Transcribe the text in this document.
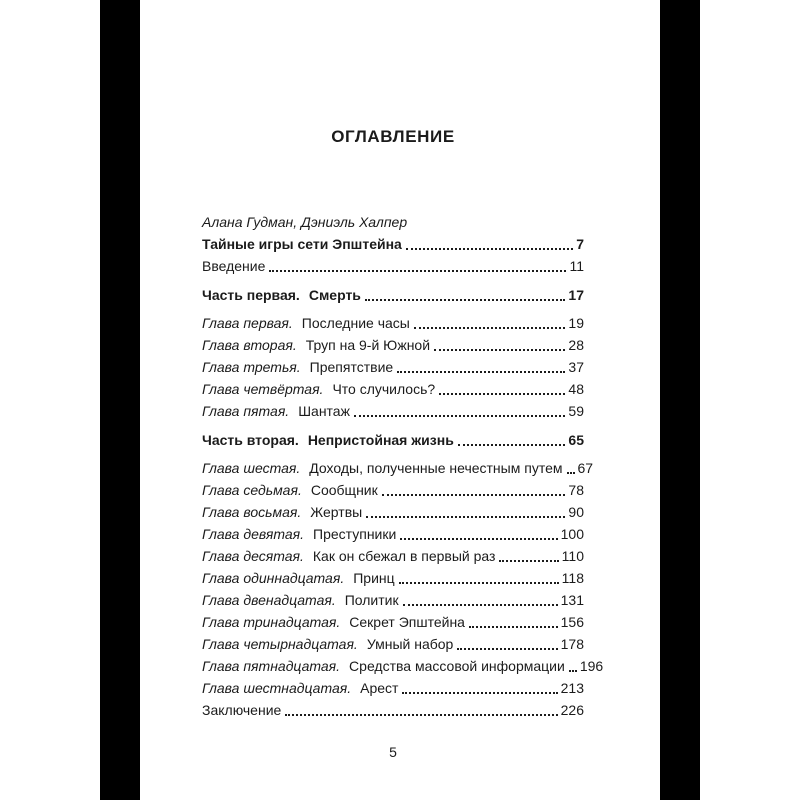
ОГЛАВЛЕНИЕ
Алана Гудман, Дэниэль Халпер
Тайные игры сети Эпштейна	7
Введение	11
Часть первая. Смерть	17
Глава первая. Последние часы	19
Глава вторая. Труп на 9-й Южной	28
Глава третья. Препятствие	37
Глава четвёртая. Что случилось?	48
Глава пятая. Шантаж	59
Часть вторая. Непристойная жизнь	65
Глава шестая. Доходы, полученные нечестным путем 67
Глава седьмая. Сообщник	78
Глава восьмая. Жертвы	90
Глава девятая. Преступники	100
Глава десятая. Как он сбежал в первый раз	110
Глава одиннадцатая. Принц	118
Глава двенадцатая. Политик	131
Глава тринадцатая. Секрет Эпштейна	156
Глава четырнадцатая. Умный набор	178
Глава пятнадцатая. Средства массовой информации 196
Глава шестнадцатая. Арест	213
Заключение	226
5
